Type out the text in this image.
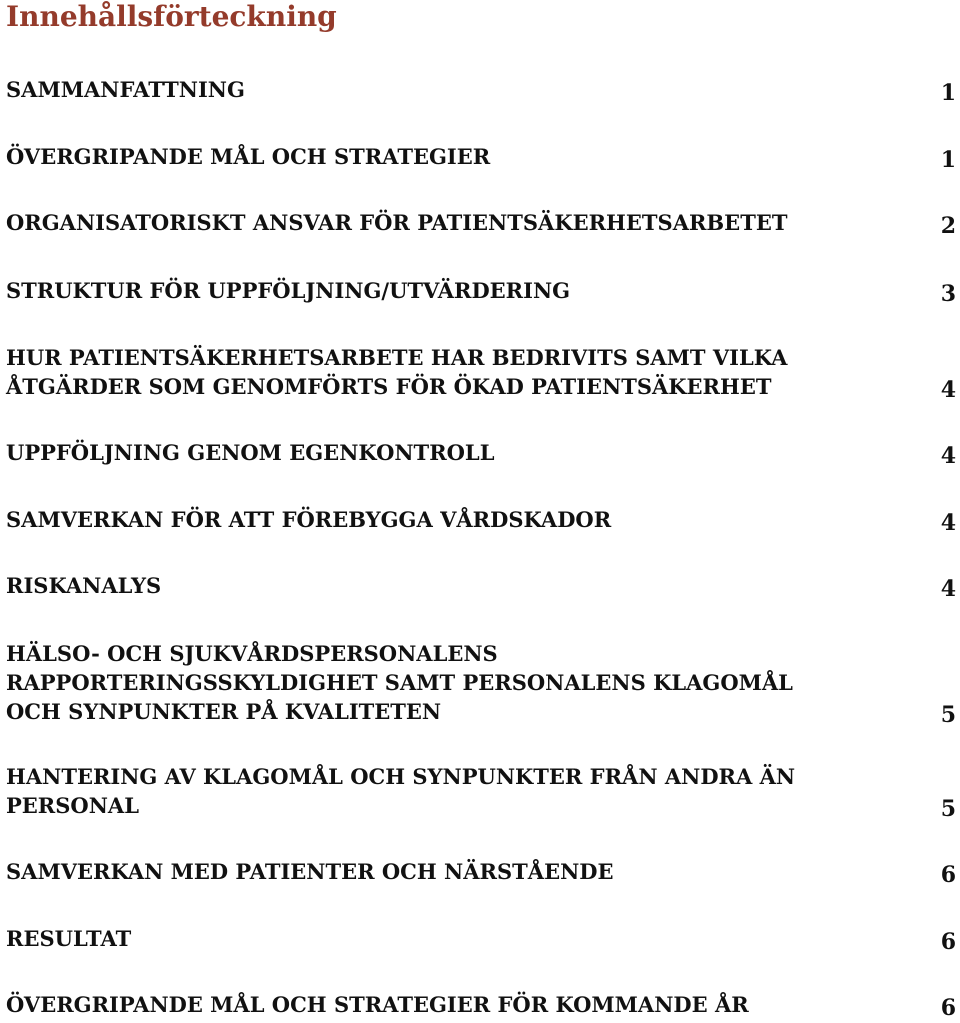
Innehållsförteckning
SAMMANFATTNING	1
ÖVERGRIPANDE MÅL OCH STRATEGIER	1
ORGANISATORISKT ANSVAR FÖR PATIENTSÄKERHETSARBETET	2
STRUKTUR FÖR UPPFÖLJNING/UTVÄRDERING	3
HUR PATIENTSÄKERHETSARBETE HAR BEDRIVITS SAMT VILKA
ÅTGÄRDER SOM GENOMFÖRTS FÖR ÖKAD PATIENTSÄKERHET	4
UPPFÖLJNING GENOM EGENKONTROLL	4
SAMVERKAN FÖR ATT FÖREBYGGA VÅRDSKADOR	4
RISKANALYS	4
HÄLSO- OCH SJUKVÅRDSPERSONALENS
RAPPORTERINGSSKYLDIGHET SAMT PERSONALENS KLAGOMÅL
OCH SYNPUNKTER PÅ KVALITETEN	5
HANTERING AV KLAGOMÅL OCH SYNPUNKTER FRÅN ANDRA ÄN
PERSONAL	5
SAMVERKAN MED PATIENTER OCH NÄRSTÅENDE	6
RESULTAT	6
ÖVERGRIPANDE MÅL OCH STRATEGIER FÖR KOMMANDE ÅR	6
